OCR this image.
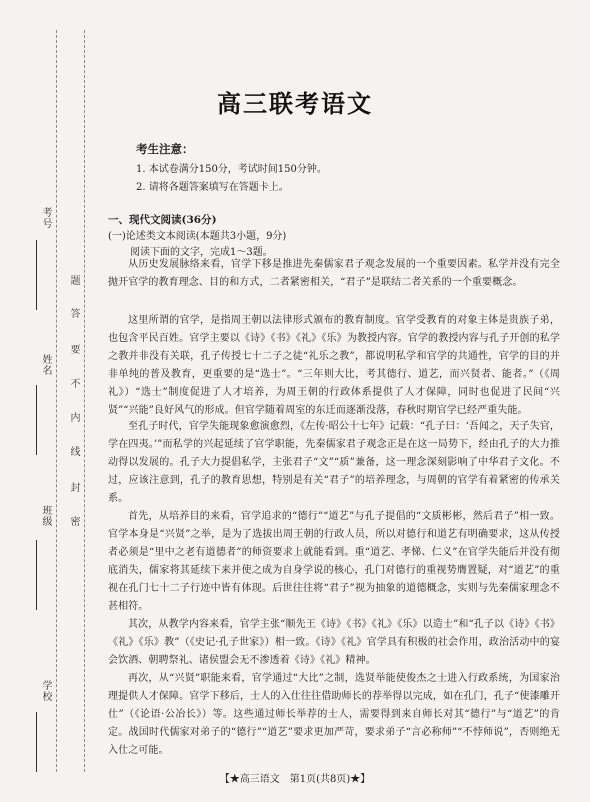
考号
姓名
班级
学校
题
答
要
不
内
线
封
密
高三联考语文
考生注意：
1. 本试卷满分150分，考试时间150分钟。
2. 请将各题答案填写在答题卡上。
一、现代文阅读(36分)
(一)论述类文本阅读(本题共3小题，9分)
阅读下面的文字，完成1～3题。
从历史发展脉络来看，官学下移是推进先秦儒家君子观念发展的一个重要因素。私学并没有完全抛开官学的教育理念、目的和方式，二者紧密相关，“君子”是联结二者关系的一个重要概念。
这里所谓的官学，是指周王朝以法律形式颁布的教育制度。官学受教育的对象主体是贵族子弟，也包含平民百姓。官学主要以《诗》《书》《礼》《乐》为教授内容。官学的教授内容与孔子开创的私学之教并非没有关联，孔子传授七十二子之徒“礼乐之教”，都说明私学和官学的共通性，官学的目的并非单纯的普及教育，更重要的是“选士”。“三年则大比，考其德行、道艺，而兴贤者、能者。”（《周礼》）“选士”制度促进了人才培养，为周王朝的行政体系提供了人才保障，同时也促进了民间“兴贤”“兴能”良好风气的形成。但官学随着周室的东迁而逐渐没落，春秋时期官学已经严重失能。
至孔子时代，官学失能现象愈演愈烈，《左传·昭公十七年》记载：“孔子曰：‘吾闻之，天子失官，学在四夷。’”而私学的兴起延续了官学职能，先秦儒家君子观念正是在这一局势下，经由孔子的大力推动得以发展的。孔子大力提倡私学，主张君子“文”“质”兼备，这一理念深刻影响了中华君子文化。不过，应该注意到，孔子的教育思想，特别是有关“君子”的培养理念，与周朝的官学有着紧密的传承关系。
首先，从培养目的来看，官学追求的“德行”“道艺”与孔子提倡的“文质彬彬，然后君子”相一致。官学本身是“兴贤”之举，是为了选拔出周王朝的行政人员，所以对德行和道艺有明确要求，这从传授者必须是“里中之老有道德者”的师资要求上就能看到。重“道艺、孝悌、仁义”在官学失能后并没有彻底消失，儒家将其延续下来并使之成为自身学说的核心，孔门对德行的重视势膺置疑，对“道艺”的重视在孔门七十二子行迹中皆有体现。后世往往将“君子”视为抽象的道德概念，实则与先秦儒家理念不甚相符。
其次，从教学内容来看，官学主张“顺先王《诗》《书》《礼》《乐》以造士”和“孔子以《诗》《书》《礼》《乐》教”（《史记·孔子世家》）相一致。《诗》《礼》官学具有积极的社会作用，政治活动中的宴会饮酒、朝聘祭礼、诸侯盟会无不渗透着《诗》《礼》精神。
再次，从“兴贤”职能来看，官学通过“大比”之制，选贤举能使俊杰之士进入行政系统，为国家治理提供人才保障。官学下移后，士人的入仕往往借助师长的荐举得以完成，如在孔门，孔子“使漆雕开仕”（《论语·公冶长》）等。这些通过师长举荐的士人，需要得到来自师长对其“德行”与“道艺”的肯定。战国时代儒家对弟子的“德行”“道艺”要求更加严苛，要求弟子“言必称师”“不悖师说”，否则绝无入仕之可能。
【★高三语文　第1页(共8页)★】
